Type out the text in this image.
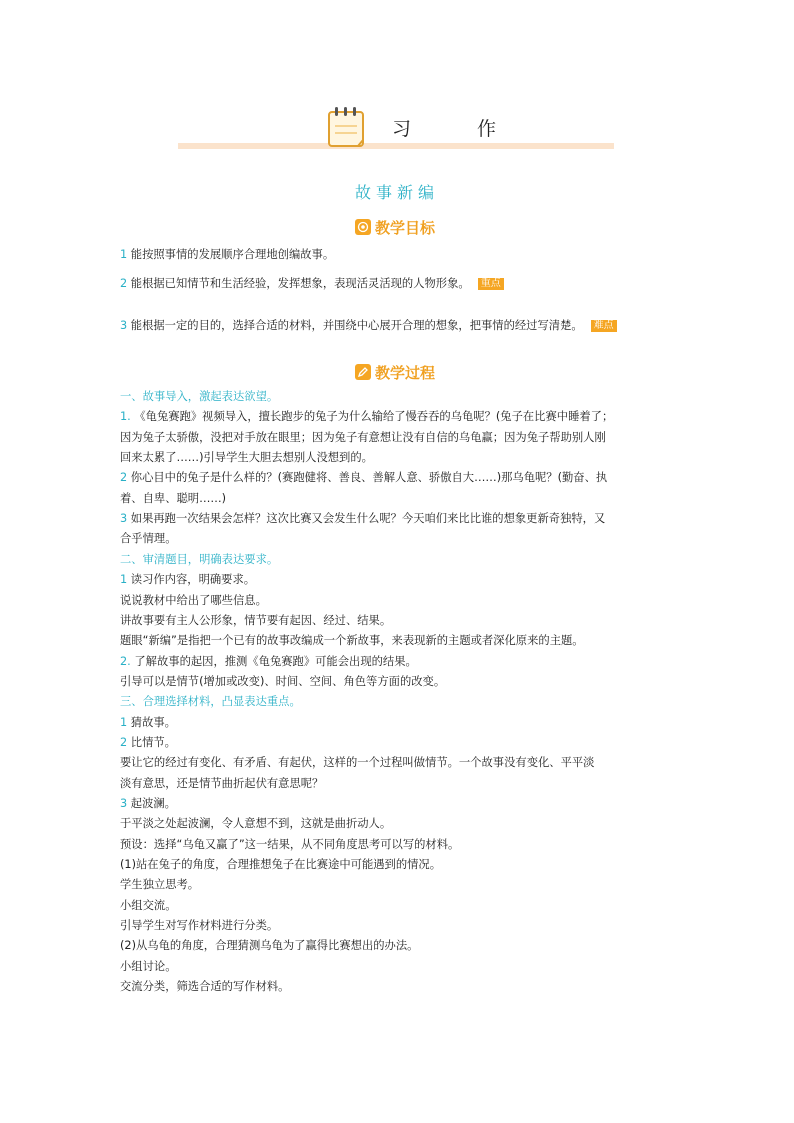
习 作
故事新编
教学目标
1 能按照事情的发展顺序合理地创编故事。
2 能根据已知情节和生活经验，发挥想象，表现活灵活现的人物形象。 重点
3 能根据一定的目的，选择合适的材料，并围绕中心展开合理的想象，把事情的经过写清楚。 难点
教学过程
一、故事导入，激起表达欲望。
1. 《龟兔赛跑》视频导入，擅长跑步的兔子为什么输给了慢吞吞的乌龟呢？(兔子在比赛中睡着了；
因为兔子太骄傲，没把对手放在眼里；因为兔子有意想让没有自信的乌龟赢；因为兔子帮助别人刚
回来太累了……)引导学生大胆去想别人没想到的。
2 你心目中的兔子是什么样的？(赛跑健将、善良、善解人意、骄傲自大……)那乌龟呢？(勤奋、执
着、自卑、聪明……)
3 如果再跑一次结果会怎样？这次比赛又会发生什么呢？今天咱们来比比谁的想象更新奇独特，又
合乎情理。
二、审清题目，明确表达要求。
1 读习作内容，明确要求。
说说教材中给出了哪些信息。
讲故事要有主人公形象，情节要有起因、经过、结果。
题眼“新编”是指把一个已有的故事改编成一个新故事，来表现新的主题或者深化原来的主题。
2. 了解故事的起因，推测《龟兔赛跑》可能会出现的结果。
引导可以是情节(增加或改变)、时间、空间、角色等方面的改变。
三、合理选择材料，凸显表达重点。
1 猜故事。
2 比情节。
要让它的经过有变化、有矛盾、有起伏，这样的一个过程叫做情节。一个故事没有变化、平平淡
淡有意思，还是情节曲折起伏有意思呢？
3 起波澜。
于平淡之处起波澜，令人意想不到，这就是曲折动人。
预设：选择“乌龟又赢了”这一结果，从不同角度思考可以写的材料。
(1)站在兔子的角度，合理推想兔子在比赛途中可能遇到的情况。
学生独立思考。
小组交流。
引导学生对写作材料进行分类。
(2)从乌龟的角度，合理猜测乌龟为了赢得比赛想出的办法。
小组讨论。
交流分类，筛选合适的写作材料。
